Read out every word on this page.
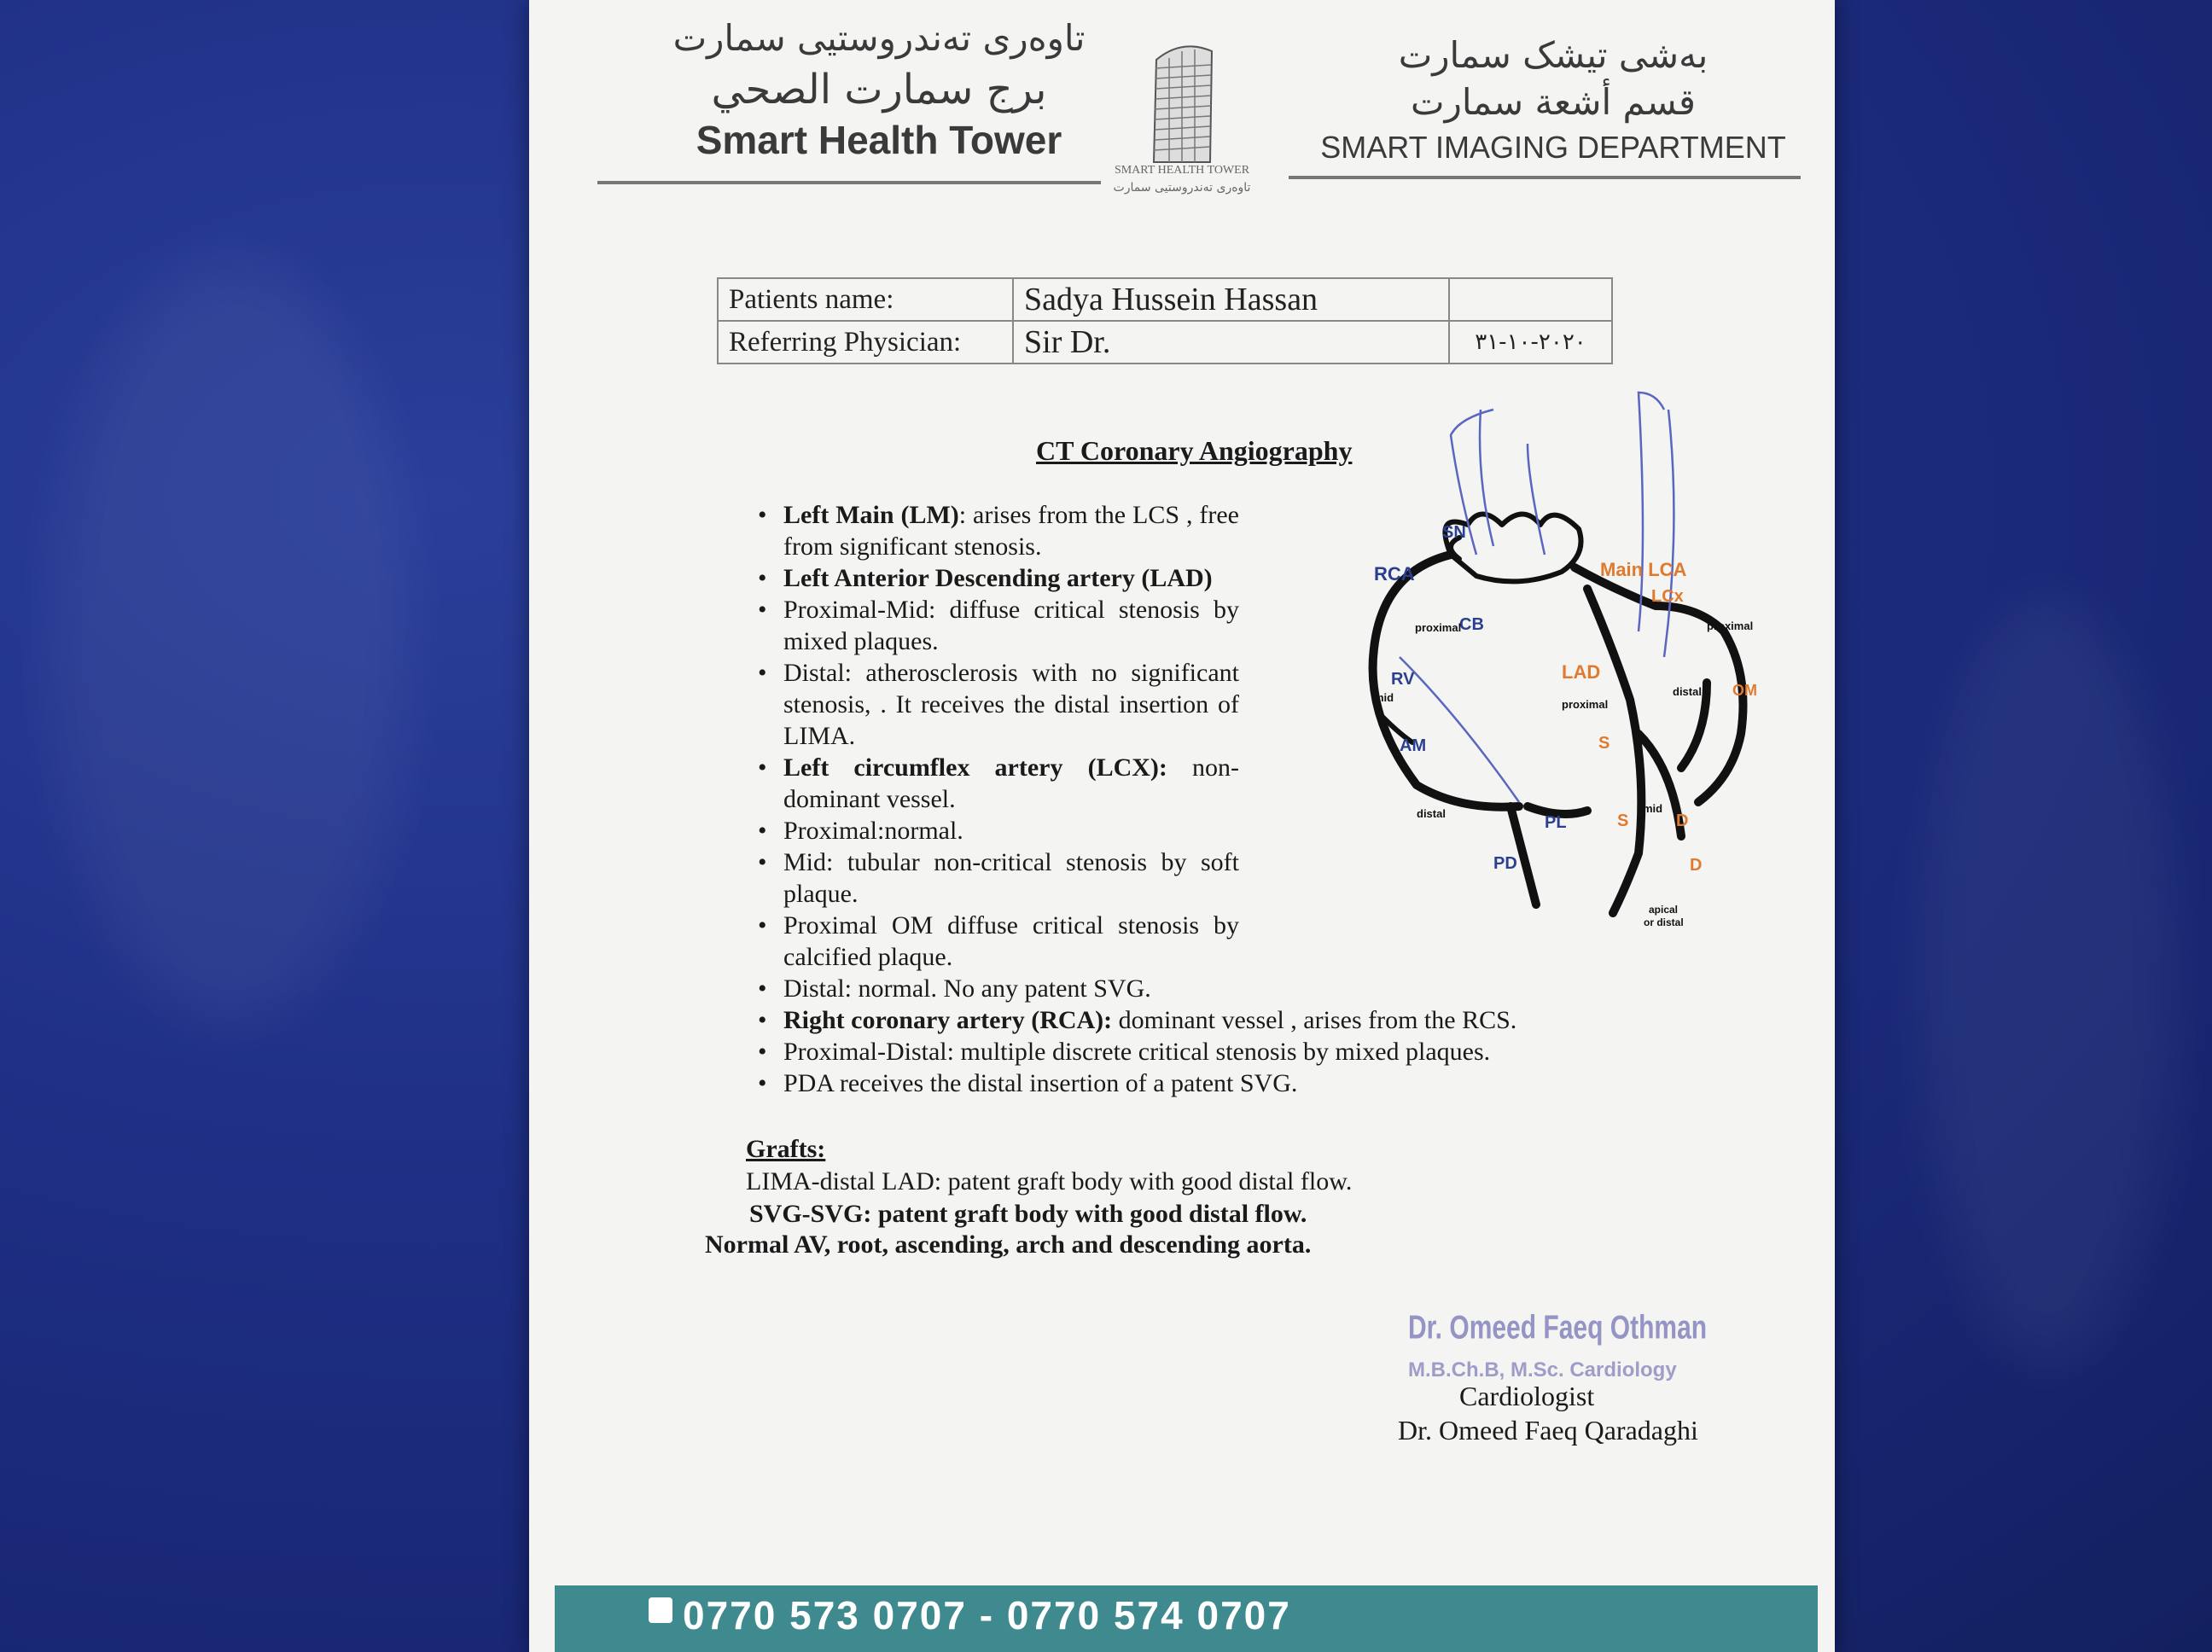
تاوەری تەندروستیی سمارت
برج سمارت الصحي
Smart Health Tower
SMART HEALTH TOWER
تاوەری تەندروستیی سمارت
بەشی تیشک سمارت
قسم أشعة سمارت
SMART IMAGING DEPARTMENT
Patients name:	Sadya Hussein Hassan	
Referring Physician:	Sir Dr.	٢٠٢٠-١٠-٣١
CT Coronary Angiography
• Left Main (LM): arises from the LCS , free from significant stenosis.
• Left Anterior Descending artery (LAD)
• Proximal-Mid: diffuse critical stenosis by mixed plaques.
• Distal: atherosclerosis with no significant stenosis, . It receives the distal insertion of LIMA.
• Left circumflex artery (LCX): non-dominant vessel.
• Proximal:normal.
• Mid: tubular non-critical stenosis by soft plaque.
• Proximal OM diffuse critical stenosis by calcified plaque.
• Distal: normal. No any patent SVG.
• Right coronary artery (RCA): dominant vessel , arises from the RCS.
• Proximal-Distal: multiple discrete critical stenosis by mixed plaques.
• PDA receives the distal insertion of a patent SVG.
Grafts:
LIMA-distal LAD: patent graft body with good distal flow.
SVG-SVG: patent graft body with good distal flow.
Normal AV, root, ascending, arch and descending aorta.
SN
RCA
CB
proximal
RV
mid
AM
distal
PD
PL
Main LCA
LCx
proximal
LAD
proximal
distal OM
S
S
mid
D
D
apical
or distal
Dr. Omeed Faeq Othman
M.B.Ch.B, M.Sc. Cardiology
Cardiologist
Dr. Omeed Faeq Qaradaghi
0770 573 0707 - 0770 574 0707
